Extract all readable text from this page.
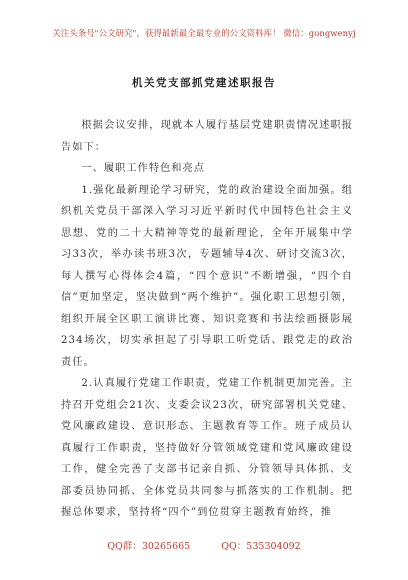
关注头条号"公文研究"，获得最新最全最专业的公文资料库！ 微信：gongwenyj
机关党支部抓党建述职报告

根据会议安排，现就本人履行基层党建职责情况述职报告如下：

一、履职工作特色和亮点

1.强化最新理论学习研究，党的政治建设全面加强。组织机关党员干部深入学习习近平新时代中国特色社会主义思想、党的二十大精神等党的最新理论，全年开展集中学习33次，举办读书班3次，专题辅导4次、研讨交流3次，每人撰写心得体会4篇，“四个意识”不断增强，“四个自信”更加坚定，坚决做到“两个维护”。强化职工思想引领，组织开展全区职工演讲比赛、知识竞赛和书法绘画摄影展234场次，切实承担起了引导职工听党话、跟党走的政治责任。

2.认真履行党建工作职责，党建工作机制更加完善。主持召开党组会21次、支委会议23次，研究部署机关党建、党风廉政建设、意识形态、主题教育等工作。班子成员认真履行工作职责，坚持做好分管领域党建和党风廉政建设工作，健全完善了支部书记亲自抓、分管领导具体抓、支部委员协同抓、全体党员共同参与抓落实的工作机制。把握总体要求，坚持将“四个”到位贯穿主题教育始终，推

QQ群：30265665	QQ：535304092
